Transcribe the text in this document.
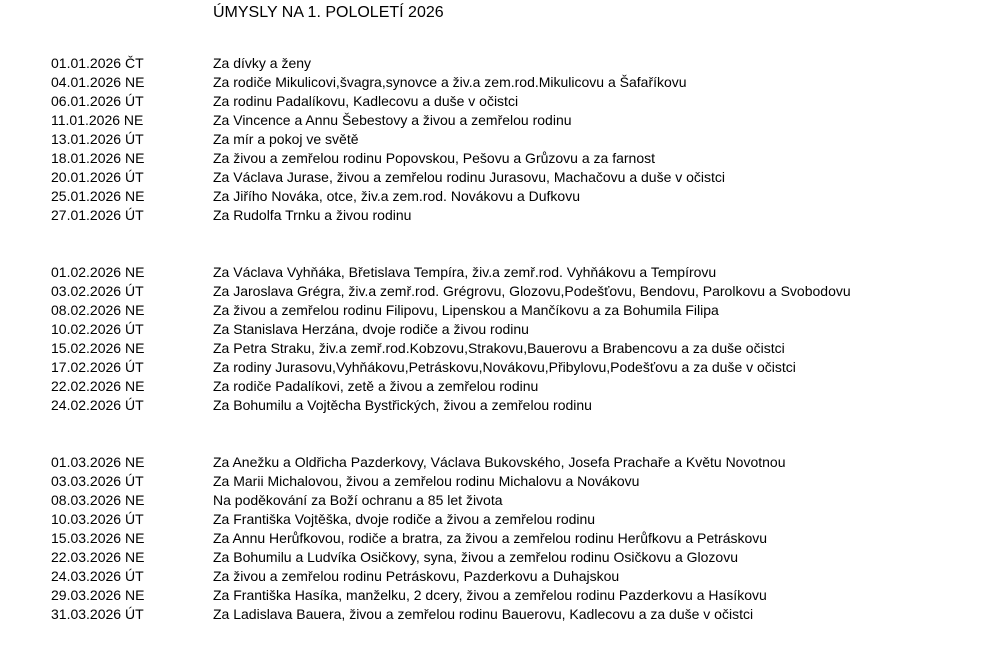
ÚMYSLY NA 1. POLOLETÍ 2026
01.01.2026 ČT	Za dívky a ženy
04.01.2026 NE	Za rodiče Mikulicovi,švagra,synovce a živ.a zem.rod.Mikulicovu a Šafaříkovu
06.01.2026 ÚT	Za rodinu Padalíkovu, Kadlecovu a duše v očistci
11.01.2026 NE	Za Vincence a Annu Šebestovy a živou a zemřelou rodinu
13.01.2026 ÚT	Za mír a pokoj ve světě
18.01.2026 NE	Za živou a zemřelou rodinu Popovskou, Pešovu a Grůzovu a za farnost
20.01.2026 ÚT	Za Václava Jurase, živou a zemřelou rodinu Jurasovu, Machačovu a duše v očistci
25.01.2026 NE	Za Jiřího Nováka, otce, živ.a zem.rod. Novákovu a Dufkovu
27.01.2026 ÚT	Za Rudolfa Trnku a živou rodinu
01.02.2026 NE	Za Václava Vyhňáka, Břetislava Tempíra, živ.a zemř.rod. Vyhňákovu a Tempírovu
03.02.2026 ÚT	Za Jaroslava Grégra, živ.a zemř.rod. Grégrovu, Glozovu,Podešťovu, Bendovu, Parolkovu a Svobodovu
08.02.2026 NE	Za živou a zemřelou rodinu Filipovu, Lipenskou a Mančíkovu a za Bohumila Filipa
10.02.2026 ÚT	Za Stanislava Herzána, dvoje rodiče a živou rodinu
15.02.2026 NE	Za Petra Straku, živ.a zemř.rod.Kobzovu,Strakovu,Bauerovu a Brabencovu a za duše očistci
17.02.2026 ÚT	Za rodiny Jurasovu,Vyhňákovu,Petráskovu,Novákovu,Přibylovu,Podešťovu a za duše v očistci
22.02.2026 NE	Za rodiče Padalíkovi, zetě a živou a zemřelou rodinu
24.02.2026 ÚT	Za Bohumilu a Vojtěcha Bystřických, živou a zemřelou rodinu
01.03.2026 NE	Za Anežku a Oldřicha Pazderkovy, Václava Bukovského, Josefa Prachaře a Květu Novotnou
03.03.2026 ÚT	Za Marii Michalovou, živou a zemřelou rodinu Michalovu a Novákovu
08.03.2026 NE	Na poděkování za Boží ochranu a 85 let života
10.03.2026 ÚT	Za Františka Vojtěška, dvoje rodiče a živou a zemřelou rodinu
15.03.2026 NE	Za Annu Herůfkovou, rodiče a bratra, za živou a zemřelou rodinu Herůfkovu a Petráskovu
22.03.2026 NE	Za Bohumilu a Ludvíka Osičkovy, syna, živou a zemřelou rodinu Osičkovu a Glozovu
24.03.2026 ÚT	Za živou a zemřelou rodinu Petráskovu, Pazderkovu a Duhajskou
29.03.2026 NE	Za Františka Hasíka, manželku, 2 dcery, živou a zemřelou rodinu Pazderkovu a Hasíkovu
31.03.2026 ÚT	Za Ladislava Bauera, živou a zemřelou rodinu Bauerovu, Kadlecovu a za duše v očistci
